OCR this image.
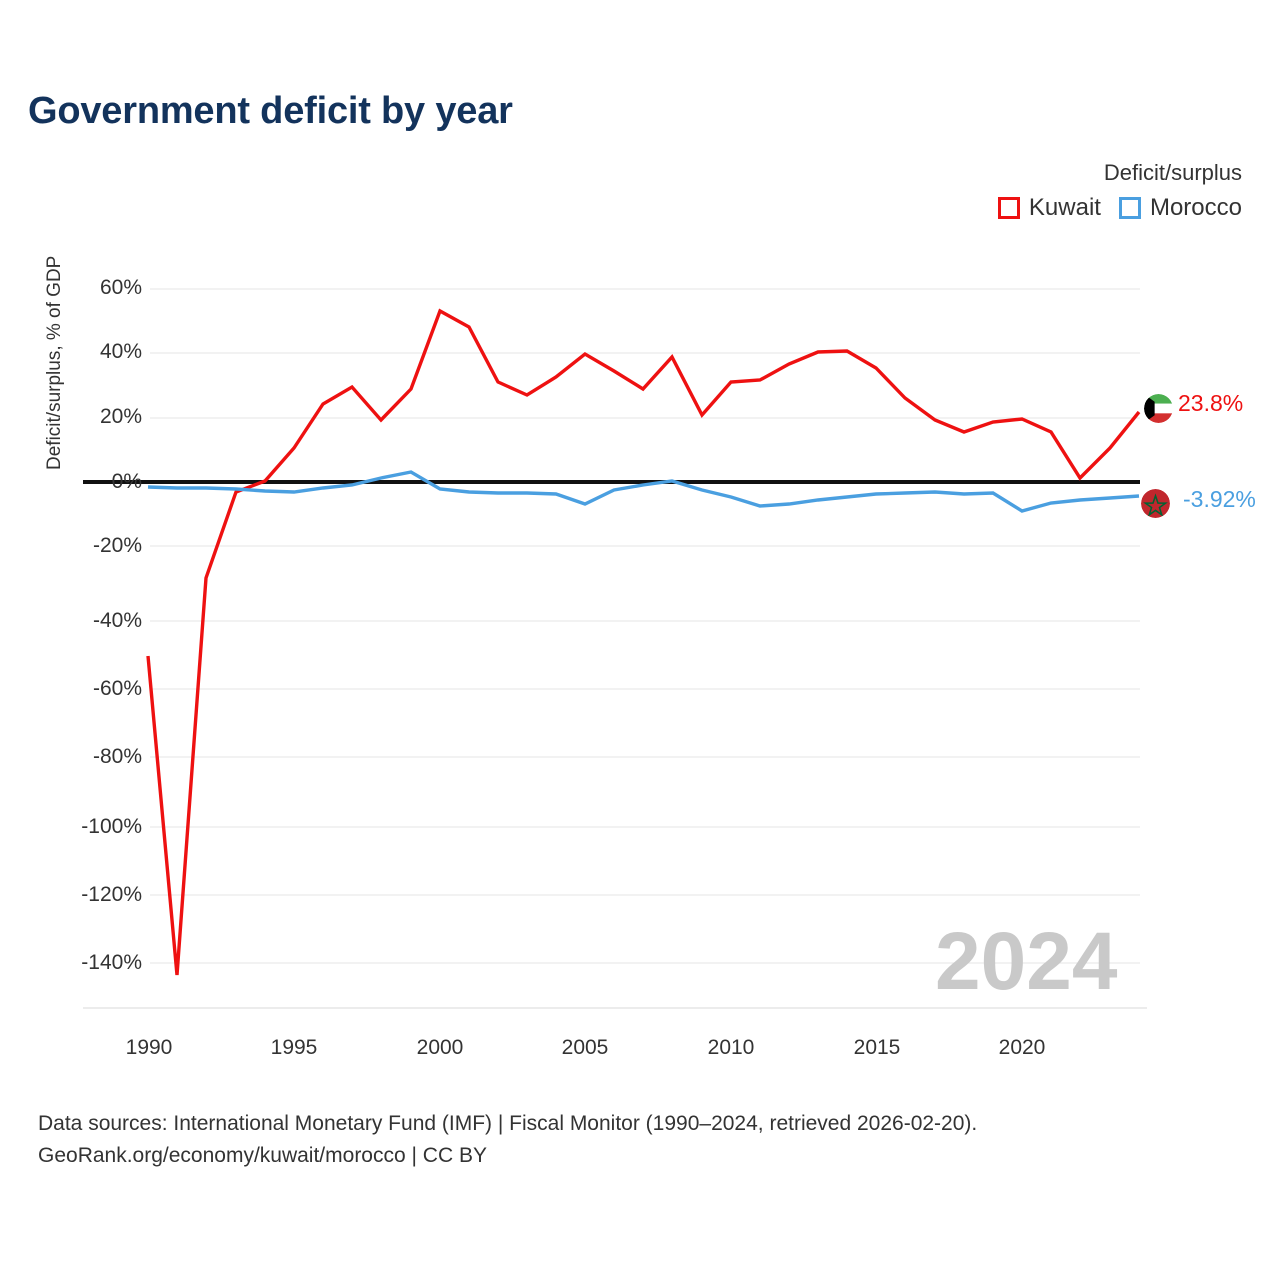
Government deficit by year
Deficit/surplus
Kuwait Morocco
Deficit/surplus, % of GDP	60%
40%
20%
0%
-20%
-40%
-60%
-80%
-100%
-120%
-140%
1990	1995	2000	2005	2010	2015	2020
2024
23.8%
-3.92%
Data sources: International Monetary Fund (IMF) | Fiscal Monitor (1990–2024, retrieved 2026-02-20).
GeoRank.org/economy/kuwait/morocco | CC BY
